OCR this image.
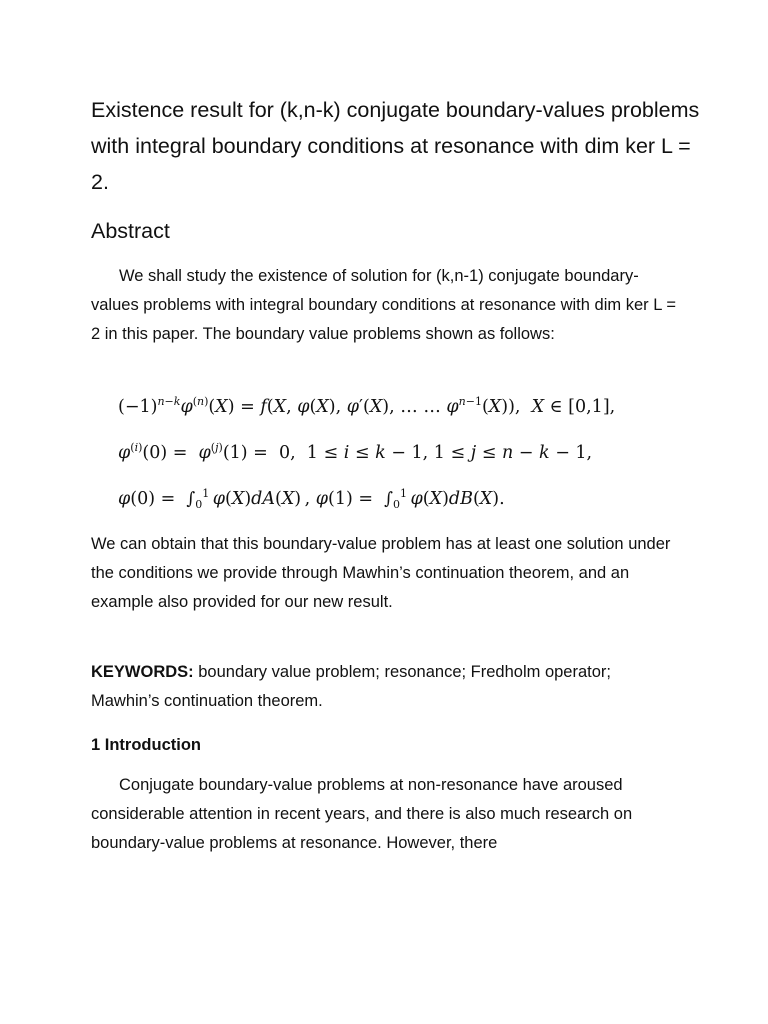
Existence result for (k,n-k) conjugate boundary-values problems with integral boundary conditions at resonance with dim ker L = 2.
Abstract

We shall study the existence of solution for (k,n-1) conjugate boundary-values problems with integral boundary conditions at resonance with dim ker L = 2 in this paper. The boundary value problems shown as follows:

$(-1)^{n-k}\varphi^{(n)}(X) = f(X$, φ(X), φ′(X), … … $\varphi^{n-1}(X)$),  X ∈ [0,1],
$\varphi^{(i)}(0) = \varphi^{(j)}(1) = 0$,  1 ≤ i ≤ k − 1, 1 ≤ j ≤ n − k − 1,
$\varphi(0) = \int_0^1$  φ(X)dA(X) , $\varphi(1) = \int_0^1$  φ(X)dB(X).

We can obtain that this boundary-value problem has at least one solution under the conditions we provide through Mawhin’s continuation theorem, and an example also provided for our new result.

KEYWORDS: boundary value problem; resonance; Fredholm operator; Mawhin’s continuation theorem.

1 Introduction

Conjugate boundary-value problems at non-resonance have aroused considerable attention in recent years, and there is also much research on boundary-value problems at resonance. However, there
